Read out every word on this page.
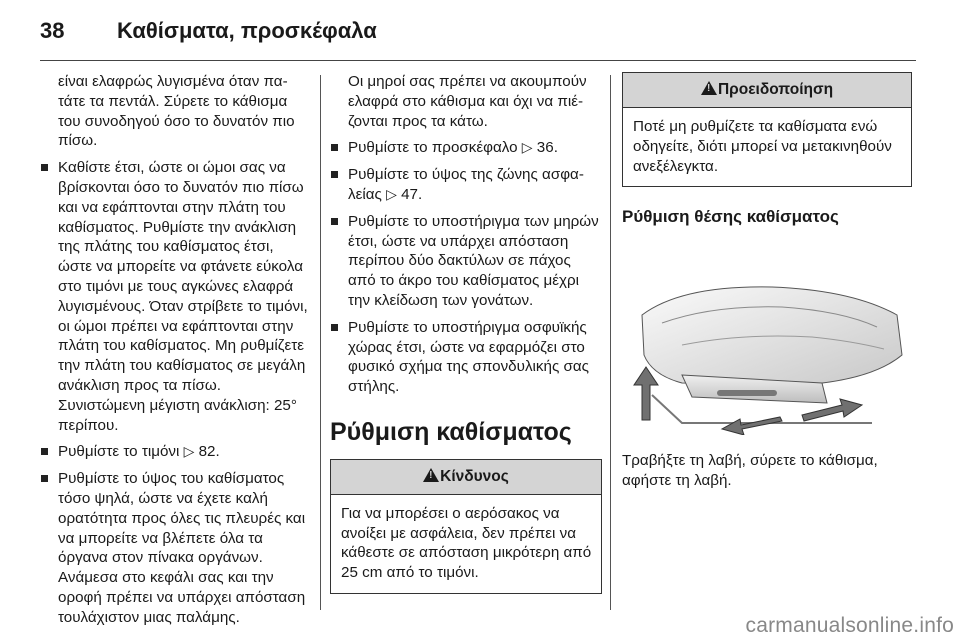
38 Καθίσματα, προσκέφαλα

είναι ελαφρώς λυγισμένα όταν πατάτε τα πεντάλ. Σύρετε το κάθισμα του συνοδηγού όσο το δυνατόν πιο πίσω.

Καθίστε έτσι, ώστε οι ώμοι σας να βρίσκονται όσο το δυνατόν πιο πίσω και να εφάπτονται στην πλάτη του καθίσματος. Ρυθμίστε την ανάκλιση της πλάτης του καθίσματος έτσι, ώστε να μπορείτε να φτάνετε εύκολα στο τιμόνι με τους αγκώνες ελαφρά λυγισμένους. Όταν στρίβετε το τιμόνι, οι ώμοι πρέπει να εφάπτονται στην πλάτη του καθίσματος. Μη ρυθμίζετε την πλάτη του καθίσματος σε μεγάλη ανάκλιση προς τα πίσω. Συνιστώμενη μέγιστη ανάκλιση: 25° περίπου.

Ρυθμίστε το τιμόνι ▷ 82.

Ρυθμίστε το ύψος του καθίσματος τόσο ψηλά, ώστε να έχετε καλή ορατότητα προς όλες τις πλευρές και να μπορείτε να βλέπετε όλα τα όργανα στον πίνακα οργάνων. Ανάμεσα στο κεφάλι σας και την οροφή πρέπει να υπάρχει απόσταση τουλάχιστον μιας παλάμης.

Οι μηροί σας πρέπει να ακουμπούν ελαφρά στο κάθισμα και όχι να πιέζονται προς τα κάτω.

Ρυθμίστε το προσκέφαλο ▷ 36.

Ρυθμίστε το ύψος της ζώνης ασφαλείας ▷ 47.

Ρυθμίστε το υποστήριγμα των μηρών έτσι, ώστε να υπάρχει απόσταση περίπου δύο δακτύλων σε πάχος από το άκρο του καθίσματος μέχρι την κλείδωση των γονάτων.

Ρυθμίστε το υποστήριγμα οσφυϊκής χώρας έτσι, ώστε να εφαρμόζει στο φυσικό σχήμα της σπονδυλικής σας στήλης.

Ρύθμιση καθίσματος

!Κίνδυνος
Για να μπορέσει ο αερόσακος να ανοίξει με ασφάλεια, δεν πρέπει να κάθεστε σε απόσταση μικρότερη από 25 cm από το τιμόνι.
!Προειδοποίηση
Ποτέ μη ρυθμίζετε τα καθίσματα ενώ οδηγείτε, διότι μπορεί να μετακινηθούν ανεξέλεγκτα.

Ρύθμιση θέσης καθίσματος

Τραβήξτε τη λαβή, σύρετε το κάθισμα, αφήστε τη λαβή.
carmanualsonline.info
